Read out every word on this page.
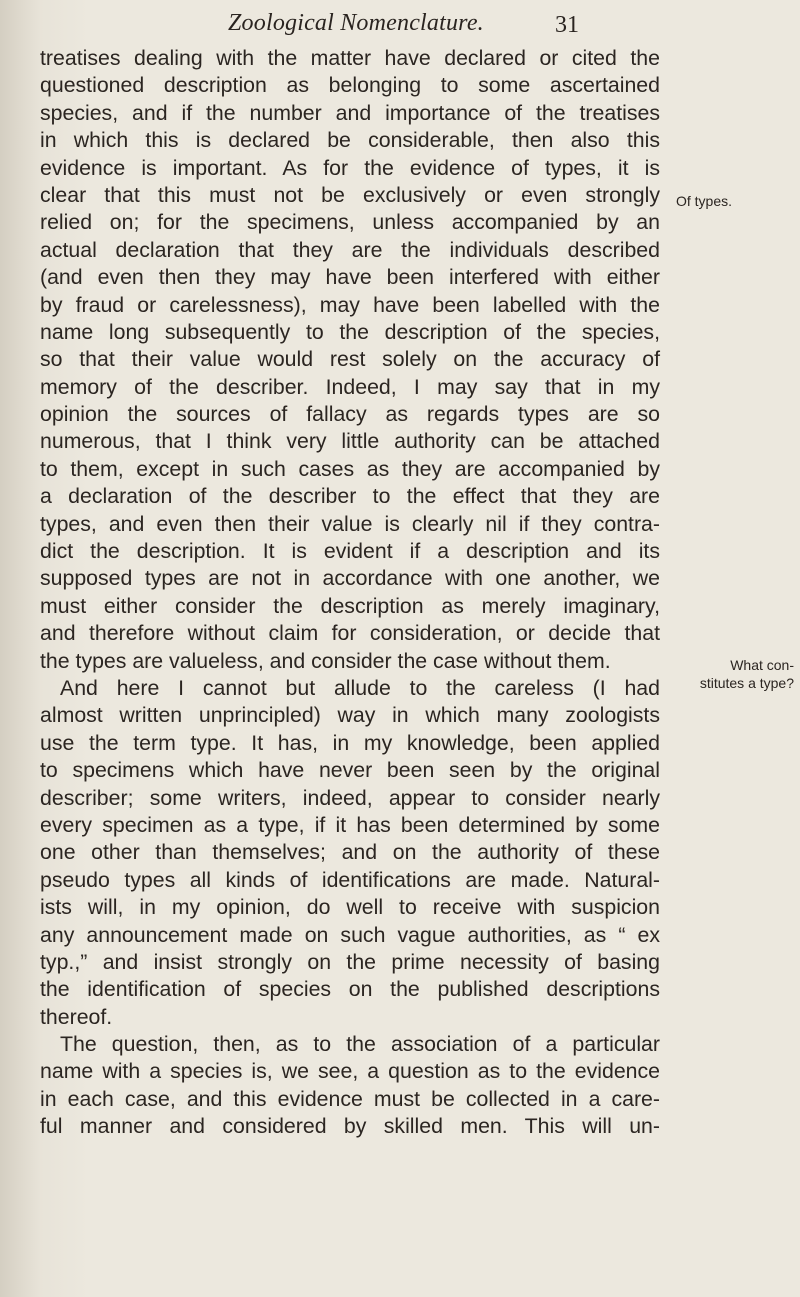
Zoological Nomenclature.	31
treatises dealing with the matter have declared or cited the
questioned description as belonging to some ascertained
species, and if the number and importance of the treatises
in which this is declared be considerable, then also this
evidence is important. As for the evidence of types, it is
clear that this must not be exclusively or even strongly
relied on; for the specimens, unless accompanied by an
actual declaration that they are the individuals described
(and even then they may have been interfered with either
by fraud or carelessness), may have been labelled with the
name long subsequently to the description of the species,
so that their value would rest solely on the accuracy of
memory of the describer. Indeed, I may say that in my
opinion the sources of fallacy as regards types are so
numerous, that I think very little authority can be attached
to them, except in such cases as they are accompanied by
a declaration of the describer to the effect that they are
types, and even then their value is clearly nil if they contra-
dict the description. It is evident if a description and its
supposed types are not in accordance with one another, we
must either consider the description as merely imaginary,
and therefore without claim for consideration, or decide that
the types are valueless, and consider the case without them.
And here I cannot but allude to the careless (I had
almost written unprincipled) way in which many zoologists
use the term type. It has, in my knowledge, been applied
to specimens which have never been seen by the original
describer; some writers, indeed, appear to consider nearly
every specimen as a type, if it has been determined by some
one other than themselves; and on the authority of these
pseudo types all kinds of identifications are made. Natural-
ists will, in my opinion, do well to receive with suspicion
any announcement made on such vague authorities, as “ ex
typ.,” and insist strongly on the prime necessity of basing
the identification of species on the published descriptions
thereof.
The question, then, as to the association of a particular
name with a species is, we see, a question as to the evidence
in each case, and this evidence must be collected in a care-
ful manner and considered by skilled men. This will un-
Of types.
What con-
stitutes a type?
